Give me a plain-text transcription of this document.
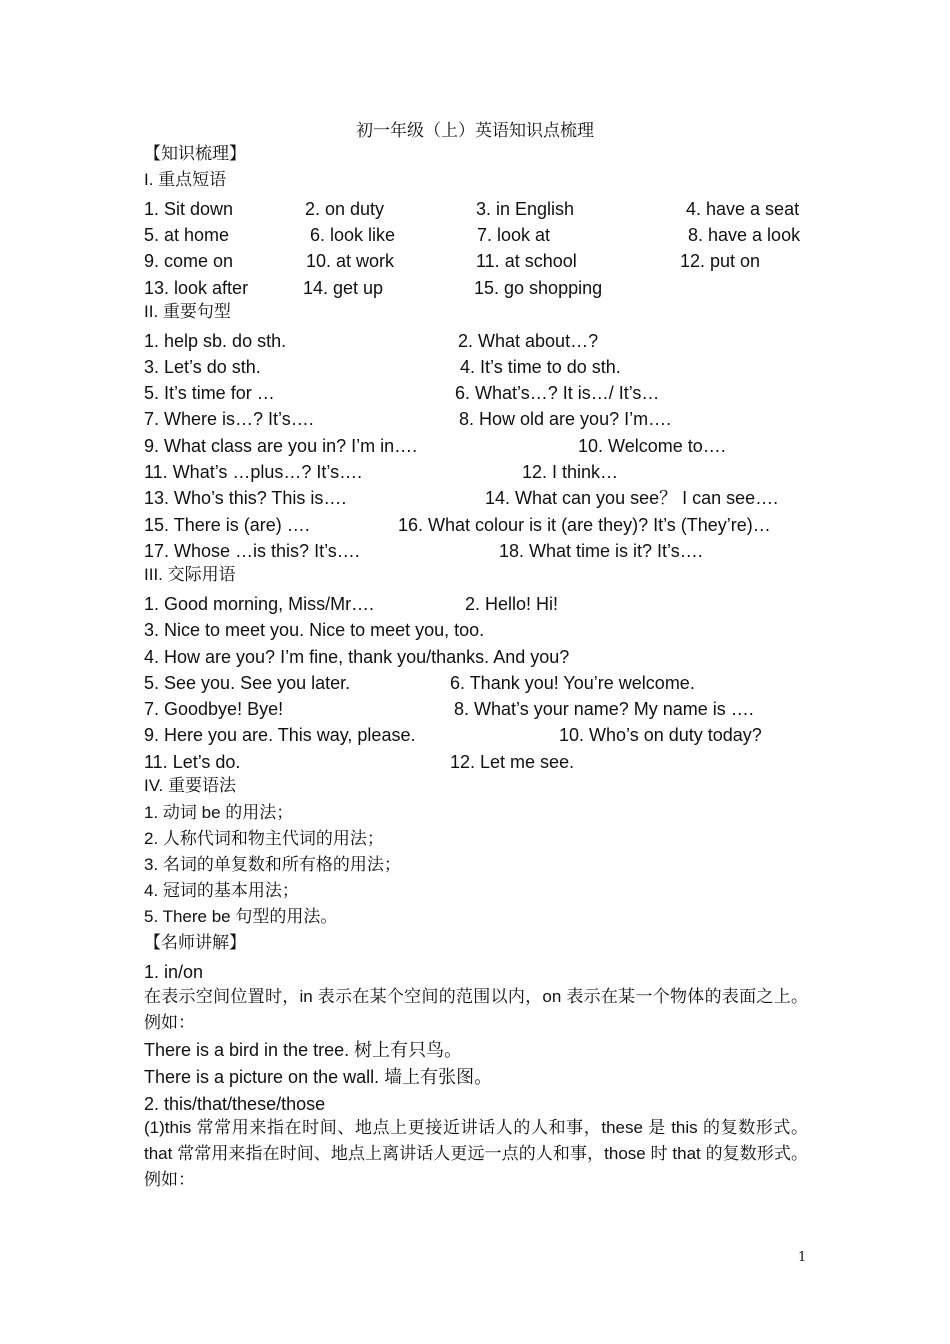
初一年级（上）英语知识点梳理
【知识梳理】
I. 重点短语
1. Sit down	2. on duty	3. in English	4. have a seat
5. at home	6. look like	7. look at	8. have a look
9. come on	10. at work	11. at school	12. put on
13. look after	14. get up	15. go shopping
II. 重要句型
1. help sb. do sth.	2. What about…?
3. Let’s do sth.	4. It’s time to do sth.
5. It’s time for …	6. What’s…? It is…/ It’s…
7. Where is…? It’s….	8. How old are you? I’m….
9. What class are you in? I’m in….	10. Welcome to….
11. What’s …plus…? It’s….	12. I think…
13. Who’s this? This is….	14. What can you see？ I can see….
15. There is (are) ….	16. What colour is it (are they)? It’s (They’re)…
17. Whose …is this? It’s….	18. What time is it? It’s….
III. 交际用语
1. Good morning, Miss/Mr….	2. Hello! Hi!
3. Nice to meet you. Nice to meet you, too.
4. How are you? I’m fine, thank you/thanks. And you?
5. See you. See you later.	6. Thank you! You’re welcome.
7. Goodbye! Bye!	8. What’s your name? My name is ….
9. Here you are. This way, please.	10. Who’s on duty today?
11. Let’s do.	12. Let me see.
IV. 重要语法
1. 动词 be 的用法；
2. 人称代词和物主代词的用法；
3. 名词的单复数和所有格的用法；
4. 冠词的基本用法；
5. There be 句型的用法。
【名师讲解】
1. in/on
在表示空间位置时，in 表示在某个空间的范围以内，on 表示在某一个物体的表面之上。例如：
There is a bird in the tree. 树上有只鸟。
There is a picture on the wall. 墙上有张图。
2. this/that/these/those
(1)this 常常用来指在时间、地点上更接近讲话人的人和事，these 是 this 的复数形式。that 常常用来指在时间、地点上离讲话人更远一点的人和事，those 时 that 的复数形式。例如：
1
